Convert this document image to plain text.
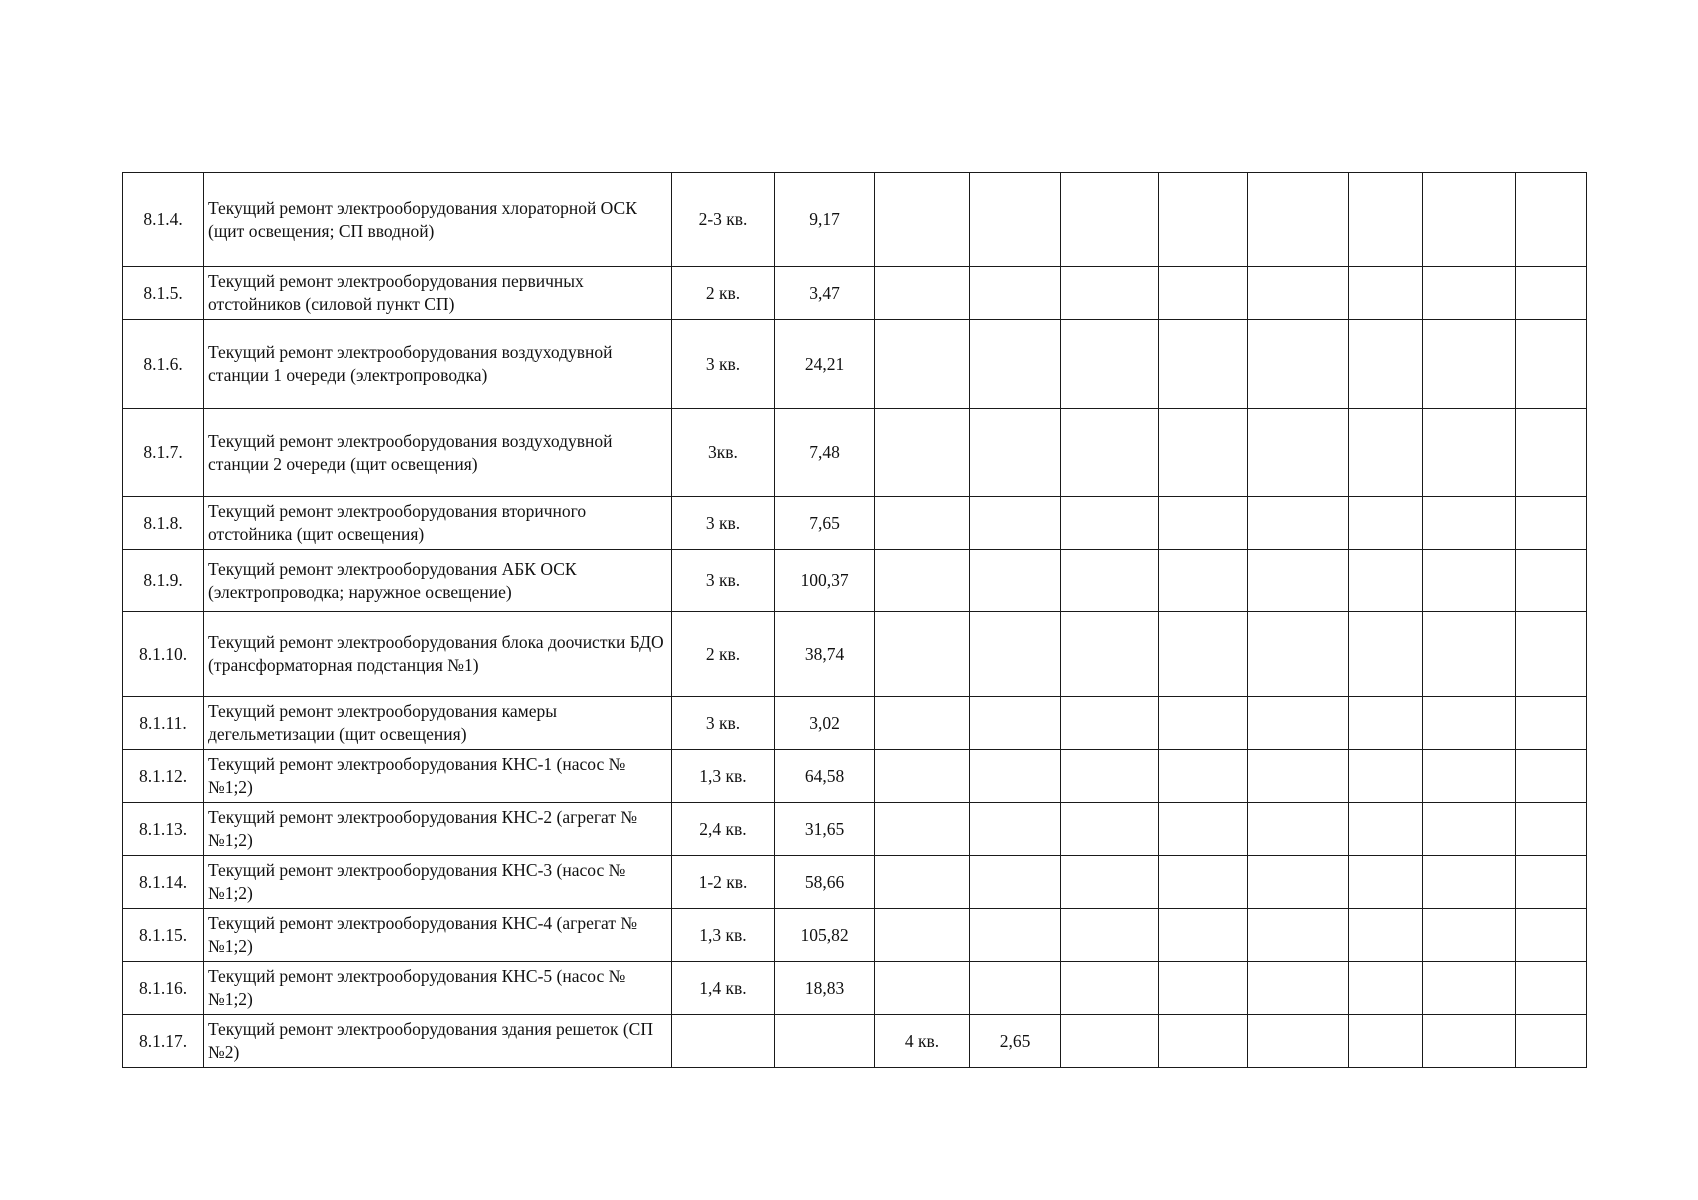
8.1.4.	Текущий ремонт электрооборудования хлораторной ОСК (щит освещения; СП вводной)	2-3 кв.	9,17								
8.1.5.	Текущий ремонт электрооборудования первичных отстойников (силовой пункт СП)	2 кв.	3,47								
8.1.6.	Текущий ремонт электрооборудования воздуходувной станции 1 очереди (электропроводка)	3 кв.	24,21								
8.1.7.	Текущий ремонт электрооборудования воздуходувной станции 2 очереди (щит освещения)	3кв.	7,48								
8.1.8.	Текущий ремонт электрооборудования вторичного отстойника (щит освещения)	3 кв.	7,65								
8.1.9.	Текущий ремонт электрооборудования АБК ОСК (электропроводка; наружное освещение)	3 кв.	100,37								
8.1.10.	Текущий ремонт электрооборудования блока доочистки БДО (трансформаторная подстанция №1)	2 кв.	38,74								
8.1.11.	Текущий ремонт электрооборудования камеры дегельметизации (щит освещения)	3 кв.	3,02								
8.1.12.	Текущий ремонт электрооборудования КНС-1 (насос №№1;2)	1,3 кв.	64,58								
8.1.13.	Текущий ремонт электрооборудования КНС-2 (агрегат №№1;2)	2,4 кв.	31,65								
8.1.14.	Текущий ремонт электрооборудования КНС-3 (насос №№1;2)	1-2 кв.	58,66								
8.1.15.	Текущий ремонт электрооборудования КНС-4 (агрегат №№1;2)	1,3 кв.	105,82								
8.1.16.	Текущий ремонт электрооборудования КНС-5 (насос №№1;2)	1,4 кв.	18,83								
8.1.17.	Текущий ремонт электрооборудования здания решеток (СП №2)			4 кв.	2,65						
